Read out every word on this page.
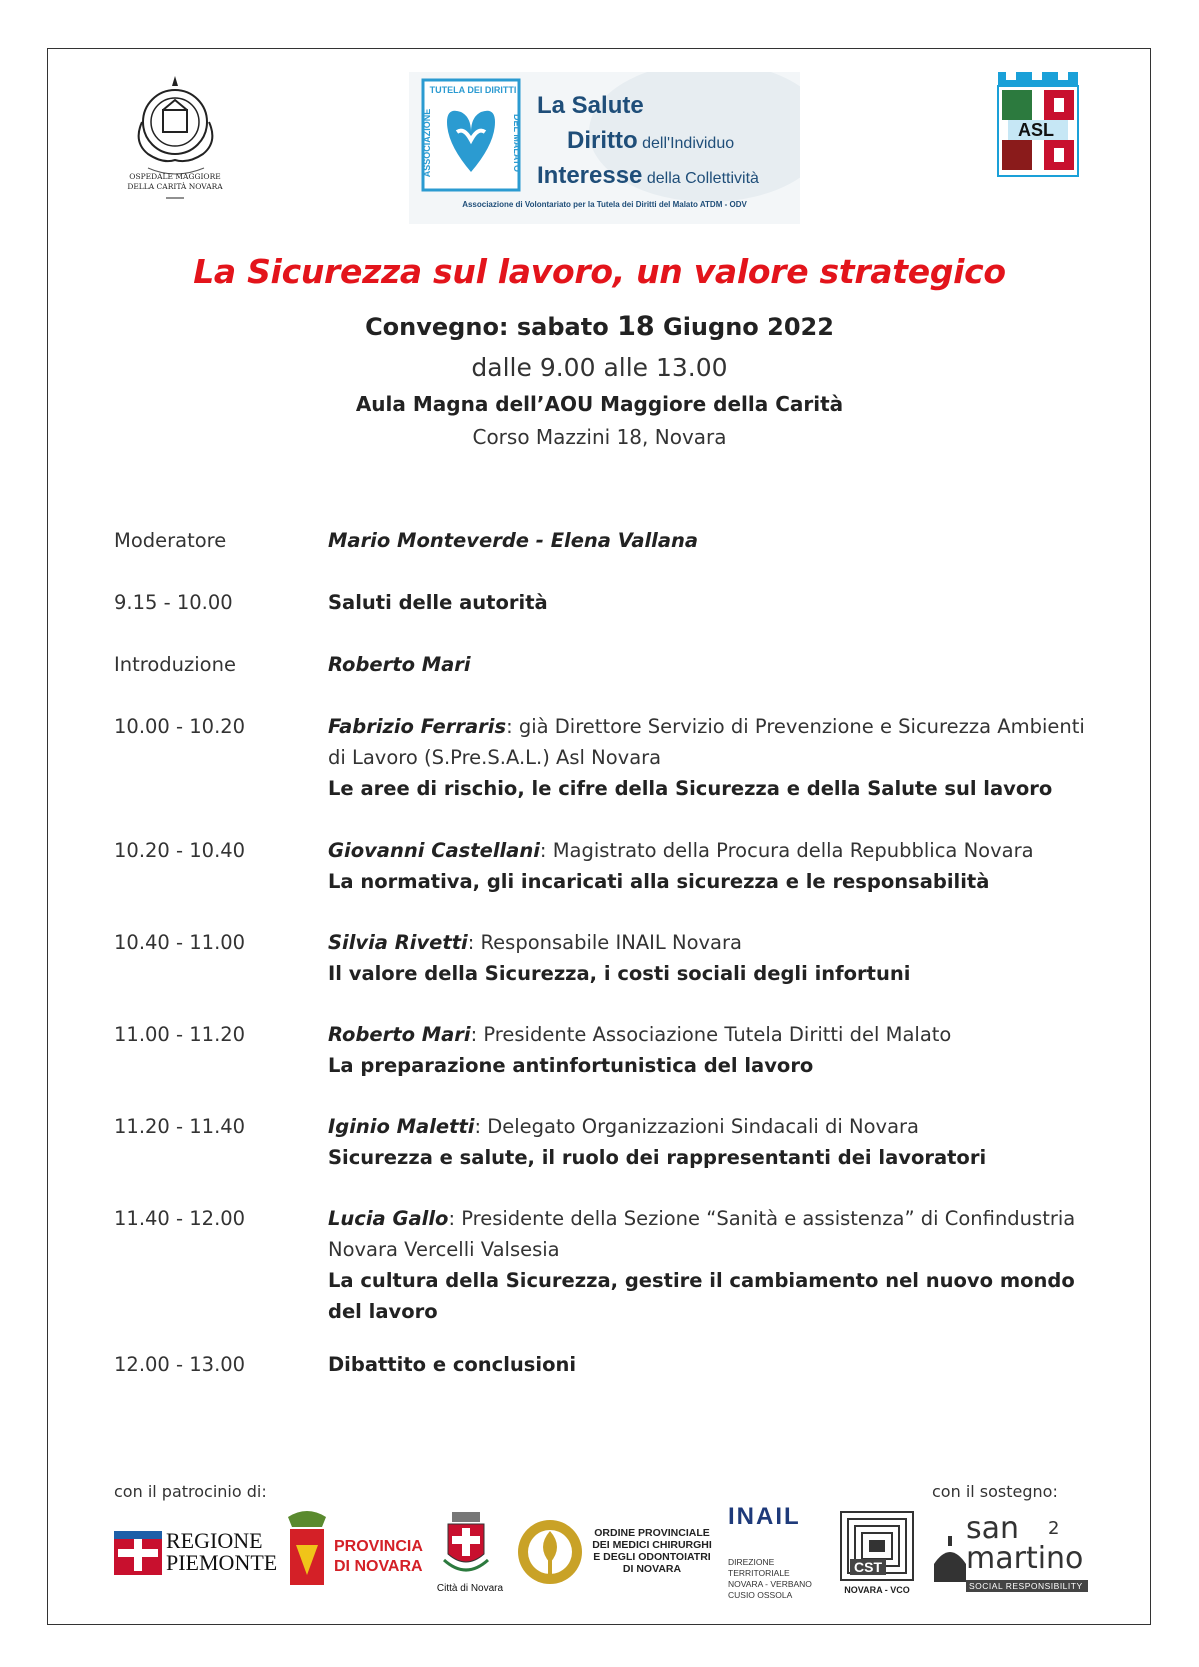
OSPEDALE MAGGIORE DELLA CARITÀ NOVARA
TUTELA DEI DIRITTI
ASSOCIAZIONE	DEL MALATO
La Salute
Diritto dell'Individuo
Interesse della Collettività
Associazione di Volontariato per la Tutela dei Diritti del Malato ATDM - ODV
ASL
La Sicurezza sul lavoro, un valore strategico
Convegno: sabato 18 Giugno 2022
dalle 9.00 alle 13.00
Aula Magna dell’AOU Maggiore della Carità
Corso Mazzini 18, Novara
Moderatore	Mario Monteverde - Elena Vallana
9.15 - 10.00	Saluti delle autorità
Introduzione	Roberto Mari
10.00 - 10.20	Fabrizio Ferraris: già Direttore Servizio di Prevenzione e Sicurezza Ambienti di Lavoro (S.Pre.S.A.L.) Asl Novara
Le aree di rischio, le cifre della Sicurezza e della Salute sul lavoro
10.20 - 10.40	Giovanni Castellani: Magistrato della Procura della Repubblica Novara
La normativa, gli incaricati alla sicurezza e le responsabilità
10.40 - 11.00	Silvia Rivetti: Responsabile INAIL Novara
Il valore della Sicurezza, i costi sociali degli infortuni
11.00 - 11.20	Roberto Mari: Presidente Associazione Tutela Diritti del Malato
La preparazione antinfortunistica del lavoro
11.20 - 11.40	Iginio Maletti: Delegato Organizzazioni Sindacali di Novara
Sicurezza e salute, il ruolo dei rappresentanti dei lavoratori
11.40 - 12.00	Lucia Gallo: Presidente della Sezione “Sanità e assistenza” di Confindustria Novara Vercelli Valsesia
La cultura della Sicurezza, gestire il cambiamento nel nuovo mondo del lavoro
12.00 - 13.00	Dibattito e conclusioni
con il patrocinio di:	con il sostegno:
REGIONE
PIEMONTE
PROVINCIA
DI NOVARA
Città di Novara
ORDINE PROVINCIALE
DEI MEDICI CHIRURGHI
E DEGLI ODONTOIATRI
DI NOVARA
INAIL
DIREZIONE TERRITORIALE
NOVARA - VERBANO
CUSIO OSSOLA
CST
NOVARA - VCO
san
martino
2
SOCIAL RESPONSIBILITY
